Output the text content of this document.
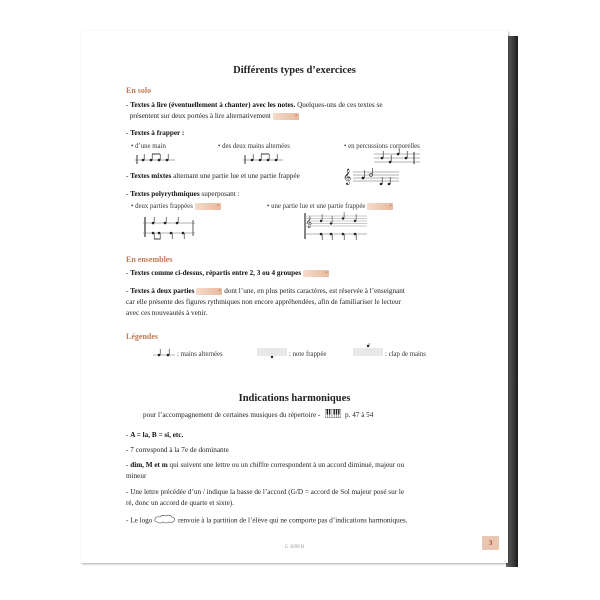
Différents types d’exercices
En solo
- Textes à lire (éventuellement à chanter) avec les notes. Quelques-uns de ces textes se
présentent sur deux portées à lire alternativement	•
- Textes à frapper :
• d’une main	• des deux mains alternées	• en percussions corporelles
- Textes mixtes alternant une partie lue et une partie frappée	𝄞
- Textes polyrythmiques superposant :
• deux parties frappées	•	• une partie lue et une partie frappée	•
𝄞
En ensembles
- Textes comme ci-dessus, répartis entre 2, 3 ou 4 groupes	•
- Textes à deux parties	• dont l’une, en plus petits caractères, est réservée à l’enseignant
car elle présente des figures rythmiques non encore appréhendées, afin de familiariser le lecteur
avec ces nouveautés à venir.
Légendes
: mains alternées	: note frappée	: clap de mains
Indications harmoniques
pour l’accompagnement de certaines musiques du répertoire -	p. 47 à 54
- A = la, B = si, etc.
- 7 correspond à la 7e de dominante
- dim, M et m qui suivent une lettre ou un chiffre correspondent à un accord diminué, majeur ou
mineur
- Une lettre précédée d’un / indique la basse de l’accord (G/D = accord de Sol majeur posé sur le
ré, donc un accord de quarte et sixte).
- Le logo	renvoie à la partition de l’élève qui ne comporte pas d’indications harmoniques.
G 3099 B
3
